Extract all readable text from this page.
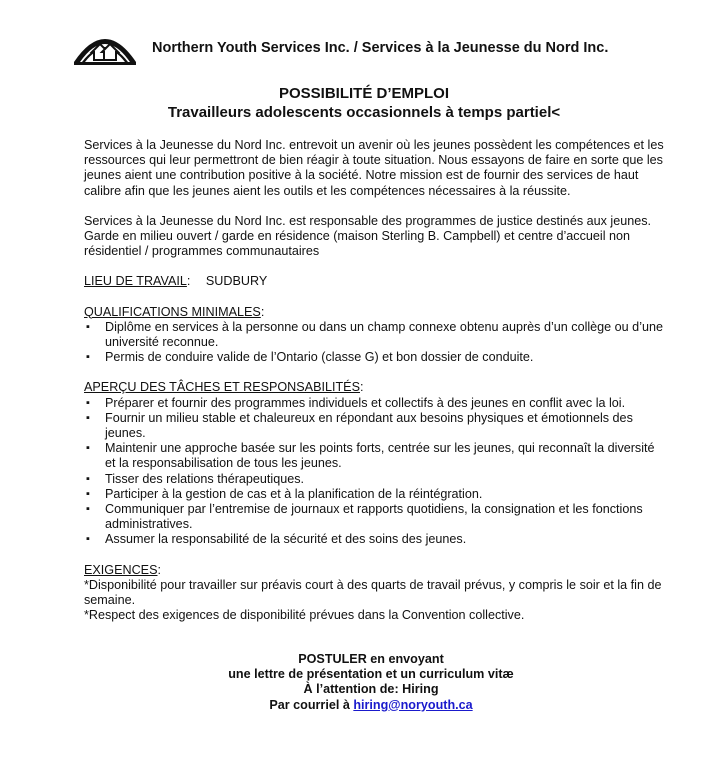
Northern Youth Services Inc. / Services à la Jeunesse du Nord Inc.
POSSIBILITÉ D’EMPLOI
Travailleurs adolescents occasionnels à temps partiel<

Services à la Jeunesse du Nord Inc. entrevoit un avenir où les jeunes possèdent les compétences et les ressources qui leur permettront de bien réagir à toute situation. Nous essayons de faire en sorte que les jeunes aient une contribution positive à la société. Notre mission est de fournir des services de haut calibre afin que les jeunes aient les outils et les compétences nécessaires à la réussite.

Services à la Jeunesse du Nord Inc. est responsable des programmes de justice destinés aux jeunes. Garde en milieu ouvert / garde en résidence (maison Sterling B. Campbell) et centre d’accueil non résidentiel / programmes communautaires

LIEU DE TRAVAIL: SUDBURY
QUALIFICATIONS MINIMALES:
▪ Diplôme en services à la personne ou dans un champ connexe obtenu auprès d’un collège ou d’une université reconnue.
▪ Permis de conduire valide de l’Ontario (classe G) et bon dossier de conduite.
APERÇU DES TÂCHES ET RESPONSABILITÉS:
▪ Préparer et fournir des programmes individuels et collectifs à des jeunes en conflit avec la loi.
▪ Fournir un milieu stable et chaleureux en répondant aux besoins physiques et émotionnels des jeunes.
▪ Maintenir une approche basée sur les points forts, centrée sur les jeunes, qui reconnaît la diversité et la responsabilisation de tous les jeunes.
▪ Tisser des relations thérapeutiques.
▪ Participer à la gestion de cas et à la planification de la réintégration.
▪ Communiquer par l’entremise de journaux et rapports quotidiens, la consignation et les fonctions administratives.
▪ Assumer la responsabilité de la sécurité et des soins des jeunes.
EXIGENCES:
*Disponibilité pour travailler sur préavis court à des quarts de travail prévus, y compris le soir et la fin de semaine.
*Respect des exigences de disponibilité prévues dans la Convention collective.
POSTULER en envoyant
une lettre de présentation et un curriculum vitæ
À l’attention de: Hiring
Par courriel à hiring@noryouth.ca
